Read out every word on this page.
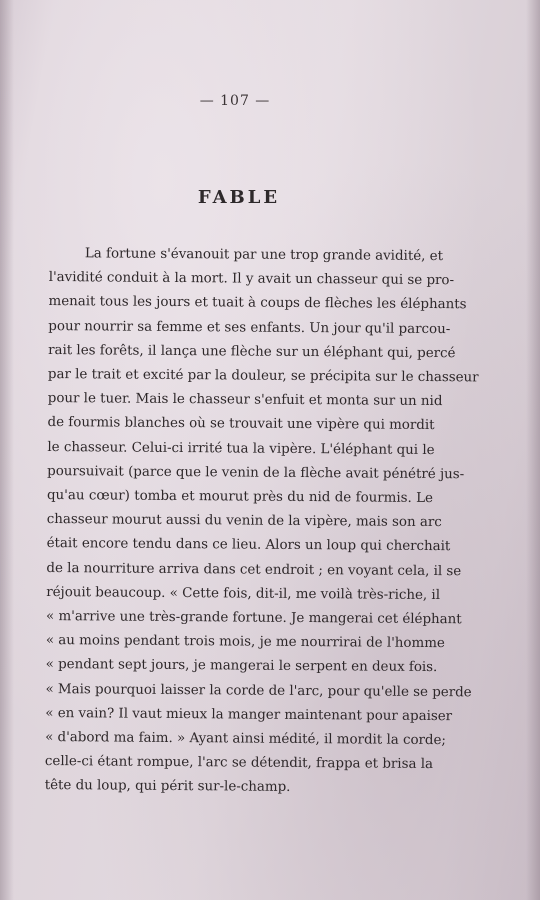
— 107 —
FABLE
La fortune s'évanouit par une trop grande avidité, et
l'avidité conduit à la mort. Il y avait un chasseur qui se pro-
menait tous les jours et tuait à coups de flèches les éléphants
pour nourrir sa femme et ses enfants. Un jour qu'il parcou-
rait les forêts, il lança une flèche sur un éléphant qui, percé
par le trait et excité par la douleur, se précipita sur le chasseur
pour le tuer. Mais le chasseur s'enfuit et monta sur un nid
de fourmis blanches où se trouvait une vipère qui mordit
le chasseur. Celui-ci irrité tua la vipère. L'éléphant qui le
poursuivait (parce que le venin de la flèche avait pénétré jus-
qu'au cœur) tomba et mourut près du nid de fourmis. Le
chasseur mourut aussi du venin de la vipère, mais son arc
était encore tendu dans ce lieu. Alors un loup qui cherchait
de la nourriture arriva dans cet endroit ; en voyant cela, il se
réjouit beaucoup. « Cette fois, dit-il, me voilà très-riche, il
« m'arrive une très-grande fortune. Je mangerai cet éléphant
« au moins pendant trois mois, je me nourrirai de l'homme
« pendant sept jours, je mangerai le serpent en deux fois.
« Mais pourquoi laisser la corde de l'arc, pour qu'elle se perde
« en vain? Il vaut mieux la manger maintenant pour apaiser
« d'abord ma faim. » Ayant ainsi médité, il mordit la corde;
celle-ci étant rompue, l'arc se détendit, frappa et brisa la
tête du loup, qui périt sur-le-champ.
